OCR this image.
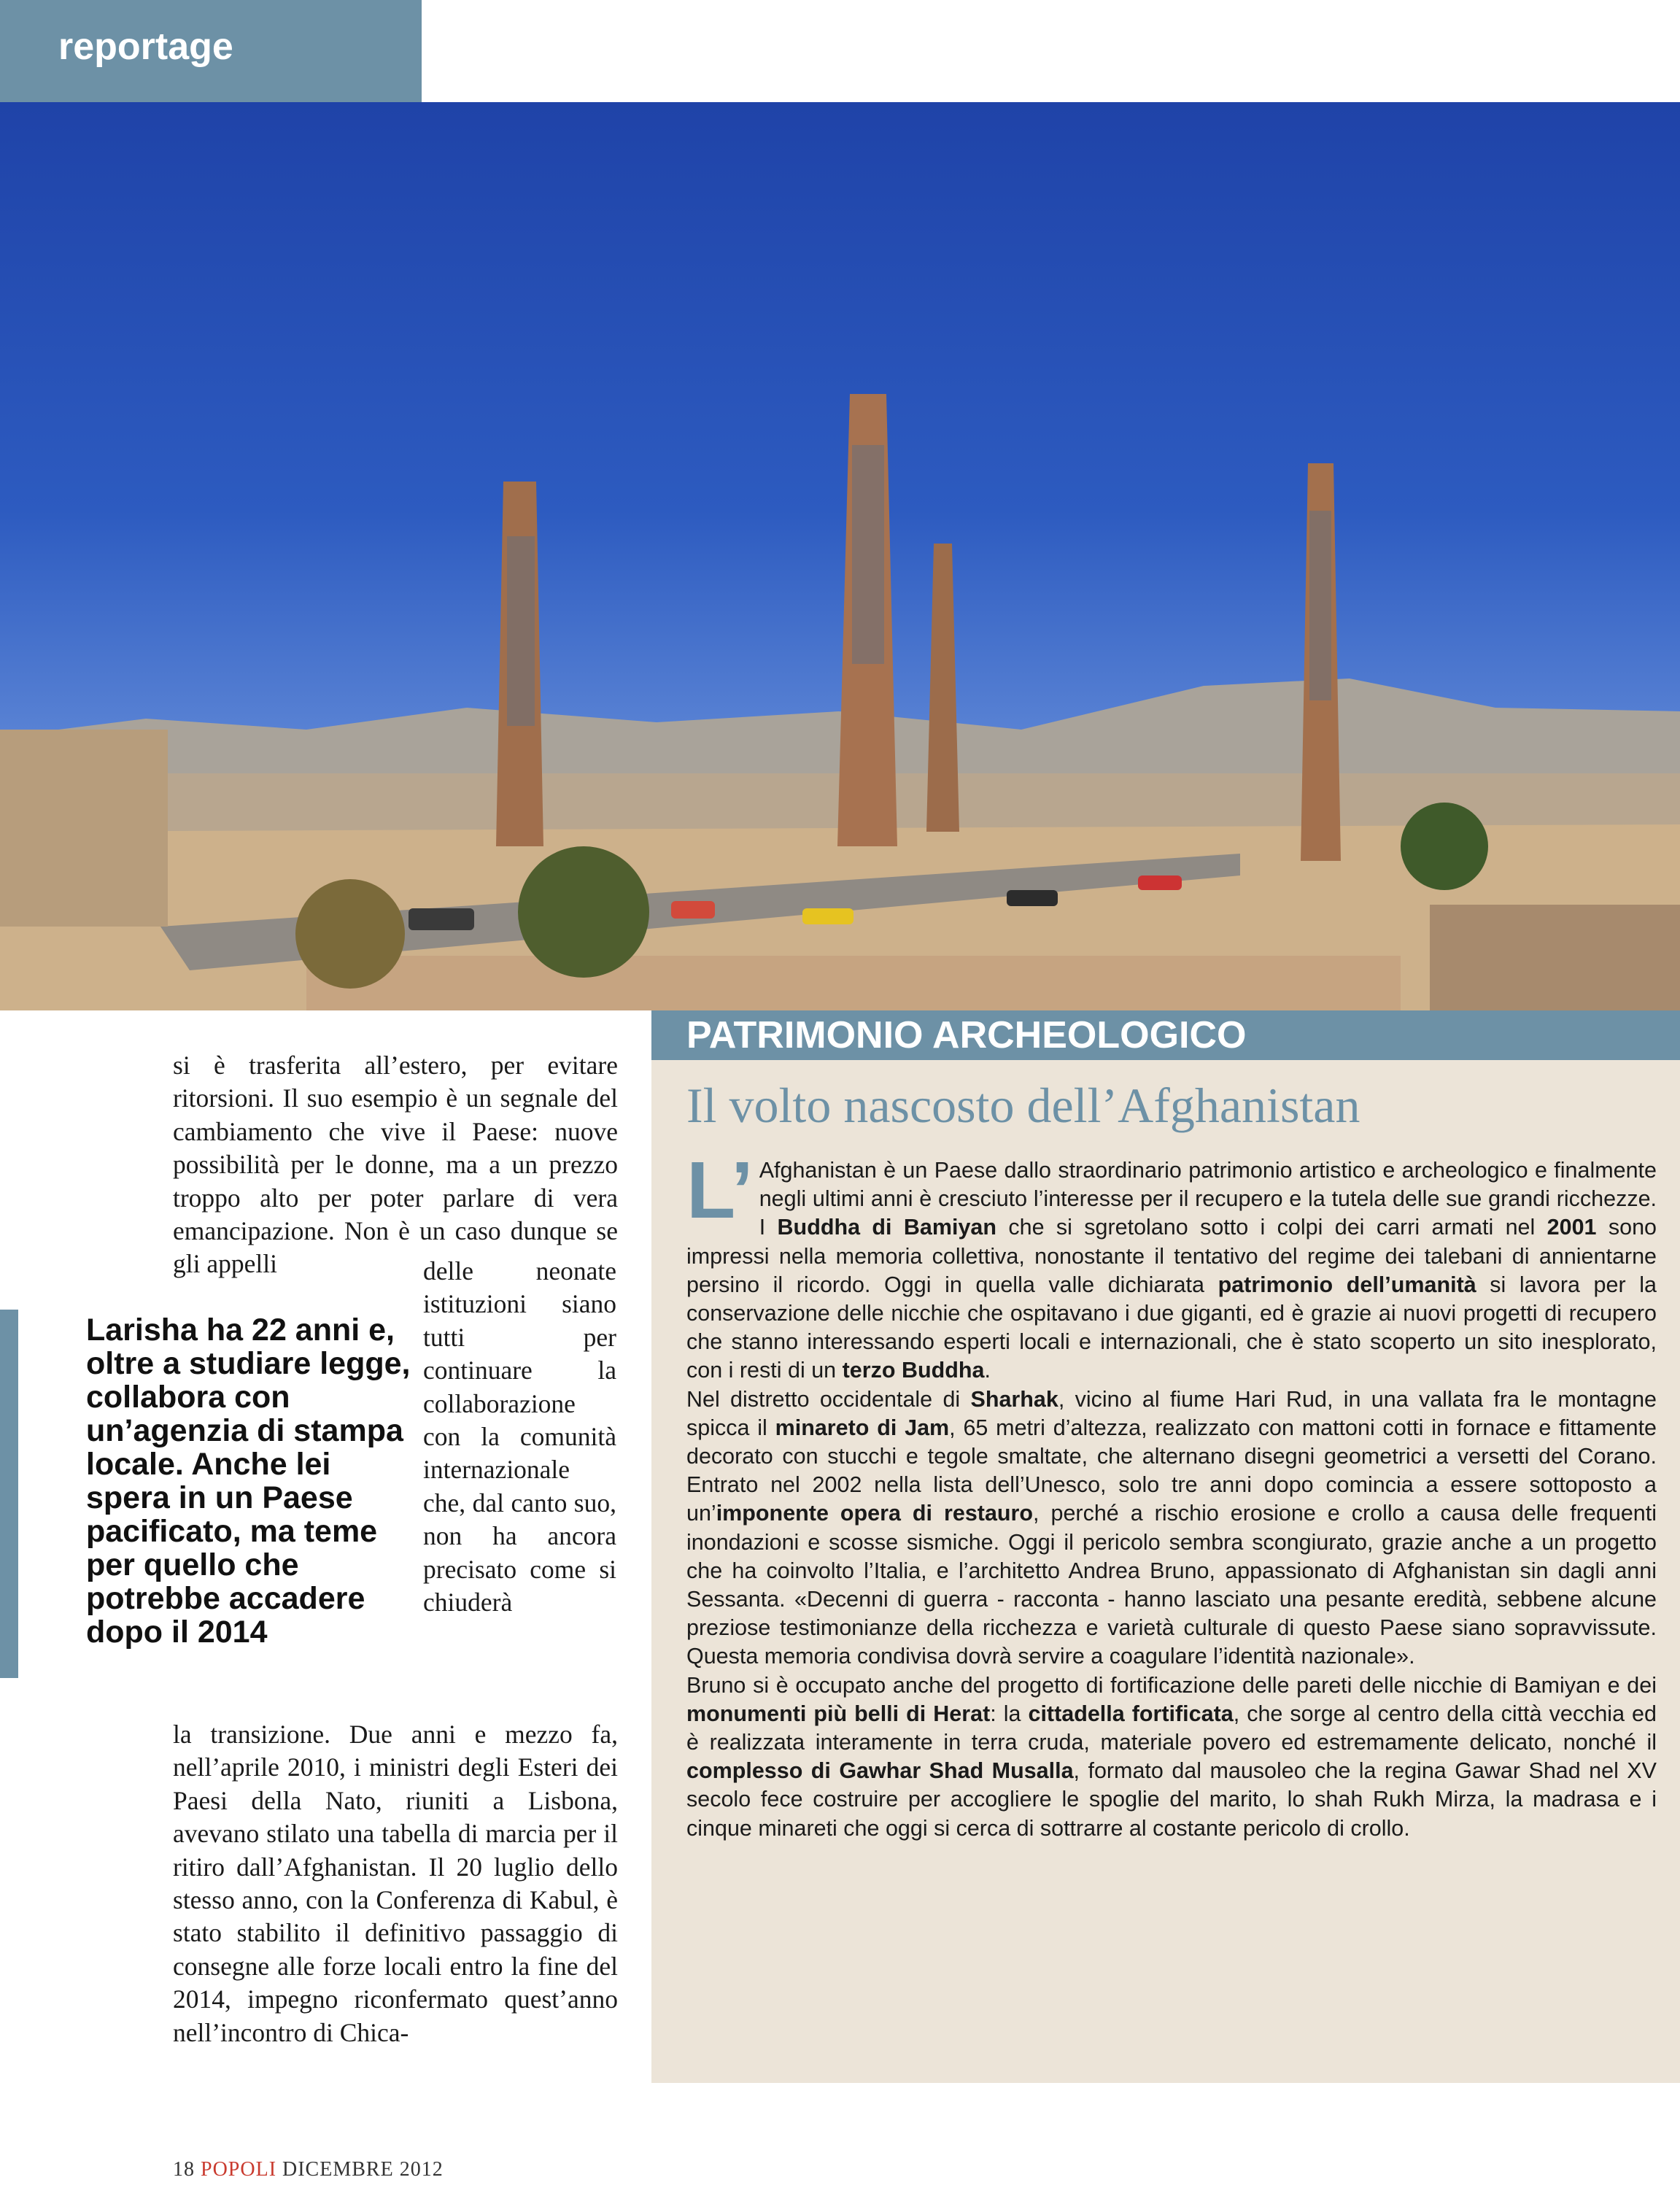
reportage
si è trasferita all’estero, per evitare ritorsioni. Il suo esempio è un segnale del cambiamento che vive il Paese: nuove possibilità per le donne, ma a un prezzo troppo alto per poter parlare di vera emancipazione. Non è un caso dunque se gli appelli
Larisha ha 22 anni e, oltre a studiare legge, collabora con un’agenzia di stampa locale. Anche lei spera in un Paese pacificato, ma teme per quello che potrebbe accadere dopo il 2014
delle neonate istituzioni siano tutti per continuare la collaborazione con la comunità internazionale che, dal canto suo, non ha ancora precisato come si chiuderà
la transizione. Due anni e mezzo fa, nell’aprile 2010, i ministri degli Esteri dei Paesi della Nato, riuniti a Lisbona, avevano stilato una tabella di marcia per il ritiro dall’Afghanistan. Il 20 luglio dello stesso anno, con la Conferenza di Kabul, è stato stabilito il definitivo passaggio di consegne alle forze locali entro la fine del 2014, impegno riconfermato quest’anno nell’incontro di Chica-
PATRIMONIO ARCHEOLOGICO
Il volto nascosto dell’Afghanistan
L’ Afghanistan è un Paese dallo straordinario patrimonio artistico e archeologico e finalmente negli ultimi anni è cresciuto l’interesse per il recupero e la tutela delle sue grandi ricchezze. I Buddha di Bamiyan che si sgretolano sotto i colpi dei carri armati nel 2001 sono impressi nella memoria collettiva, nonostante il tentativo del regime dei talebani di annientarne persino il ricordo. Oggi in quella valle dichiarata patrimonio dell’umanità si lavora per la conservazione delle nicchie che ospitavano i due giganti, ed è grazie ai nuovi progetti di recupero che stanno interessando esperti locali e internazionali, che è stato scoperto un sito inesplorato, con i resti di un terzo Buddha.

Nel distretto occidentale di Sharhak, vicino al fiume Hari Rud, in una vallata fra le montagne spicca il minareto di Jam, 65 metri d’altezza, realizzato con mattoni cotti in fornace e fittamente decorato con stucchi e tegole smaltate, che alternano disegni geometrici a versetti del Corano. Entrato nel 2002 nella lista dell’Unesco, solo tre anni dopo comincia a essere sottoposto a un’imponente opera di restauro, perché a rischio erosione e crollo a causa delle frequenti inondazioni e scosse sismiche. Oggi il pericolo sembra scongiurato, grazie anche a un progetto che ha coinvolto l’Italia, e l’architetto Andrea Bruno, appassionato di Afghanistan sin dagli anni Sessanta. «Decenni di guerra - racconta - hanno lasciato una pesante eredità, sebbene alcune preziose testimonianze della ricchezza e varietà culturale di questo Paese siano sopravvissute. Questa memoria condivisa dovrà servire a coagulare l’identità nazionale».

Bruno si è occupato anche del progetto di fortificazione delle pareti delle nicchie di Bamiyan e dei monumenti più belli di Herat: la cittadella fortificata, che sorge al centro della città vecchia ed è realizzata interamente in terra cruda, materiale povero ed estremamente delicato, nonché il complesso di Gawhar Shad Musalla, formato dal mausoleo che la regina Gawar Shad nel XV secolo fece costruire per accogliere le spoglie del marito, lo shah Rukh Mirza, la madrasa e i cinque minareti che oggi si cerca di sottrarre al costante pericolo di crollo.

18 POPOLI DICEMBRE 2012
